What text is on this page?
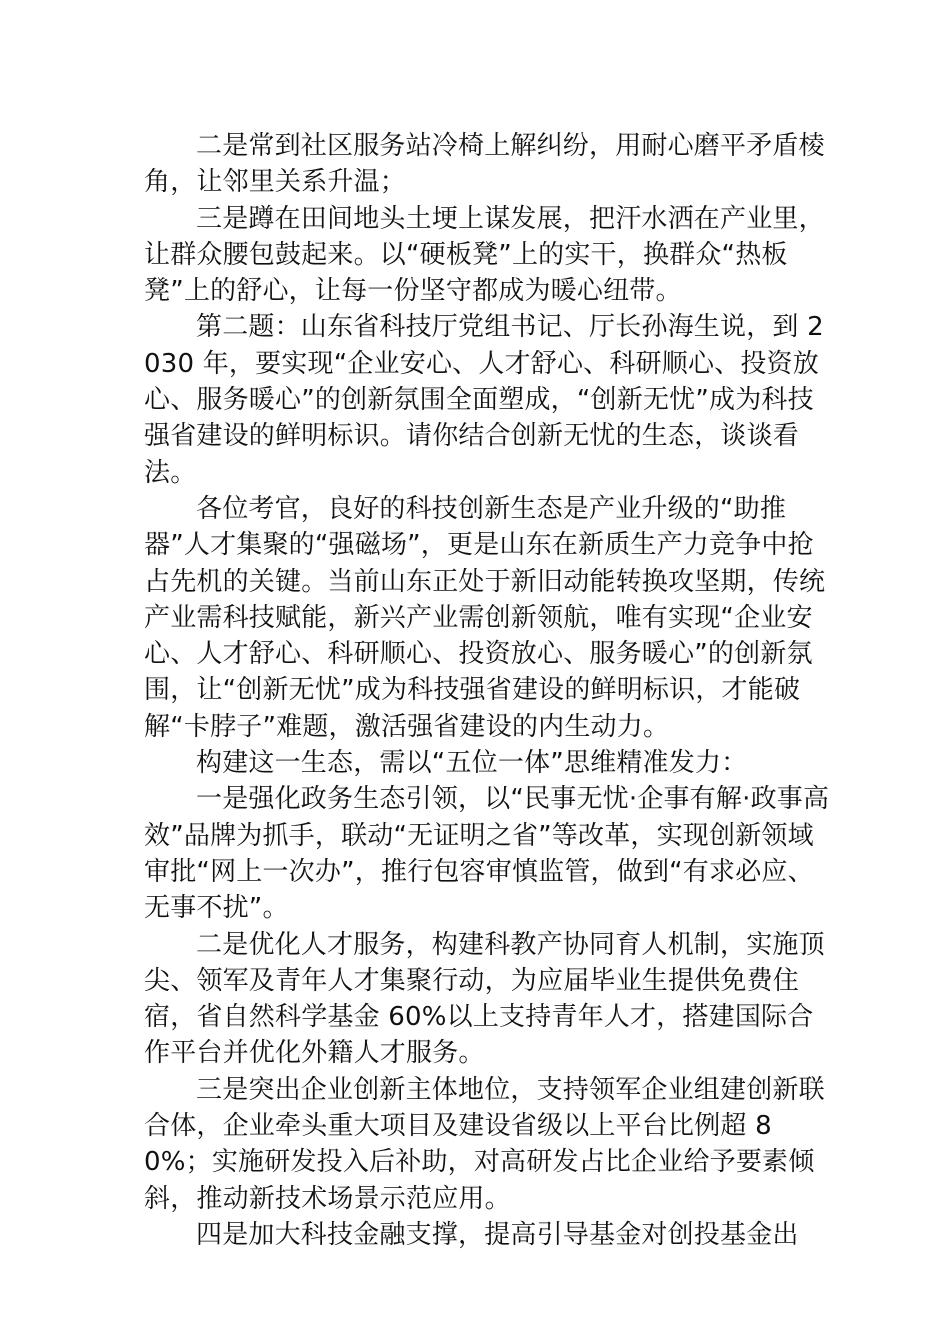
二是常到社区服务站冷椅上解纠纷，用耐心磨平矛盾棱角，让邻里关系升温；

三是蹲在田间地头土埂上谋发展，把汗水洒在产业里，让群众腰包鼓起来。以“硬板凳”上的实干，换群众“热板凳”上的舒心，让每一份坚守都成为暖心纽带。

第二题：山东省科技厅党组书记、厅长孙海生说，到 2030 年，要实现“企业安心、人才舒心、科研顺心、投资放心、服务暖心”的创新氛围全面塑成，“创新无忧”成为科技强省建设的鲜明标识。请你结合创新无忧的生态，谈谈看法。

各位考官，良好的科技创新生态是产业升级的“助推器”人才集聚的“强磁场”，更是山东在新质生产力竞争中抢占先机的关键。当前山东正处于新旧动能转换攻坚期，传统产业需科技赋能，新兴产业需创新领航，唯有实现“企业安心、人才舒心、科研顺心、投资放心、服务暖心”的创新氛围，让“创新无忧”成为科技强省建设的鲜明标识，才能破解“卡脖子”难题，激活强省建设的内生动力。

构建这一生态，需以“五位一体”思维精准发力：

一是强化政务生态引领，以“民事无忧·企事有解·政事高效”品牌为抓手，联动“无证明之省”等改革，实现创新领域审批“网上一次办”，推行包容审慎监管，做到“有求必应、无事不扰”。

二是优化人才服务，构建科教产协同育人机制，实施顶尖、领军及青年人才集聚行动，为应届毕业生提供免费住宿，省自然科学基金 60%以上支持青年人才，搭建国际合作平台并优化外籍人才服务。

三是突出企业创新主体地位，支持领军企业组建创新联合体，企业牵头重大项目及建设省级以上平台比例超 80%；实施研发投入后补助，对高研发占比企业给予要素倾斜，推动新技术场景示范应用。

四是加大科技金融支撑，提高引导基金对创投基金出
